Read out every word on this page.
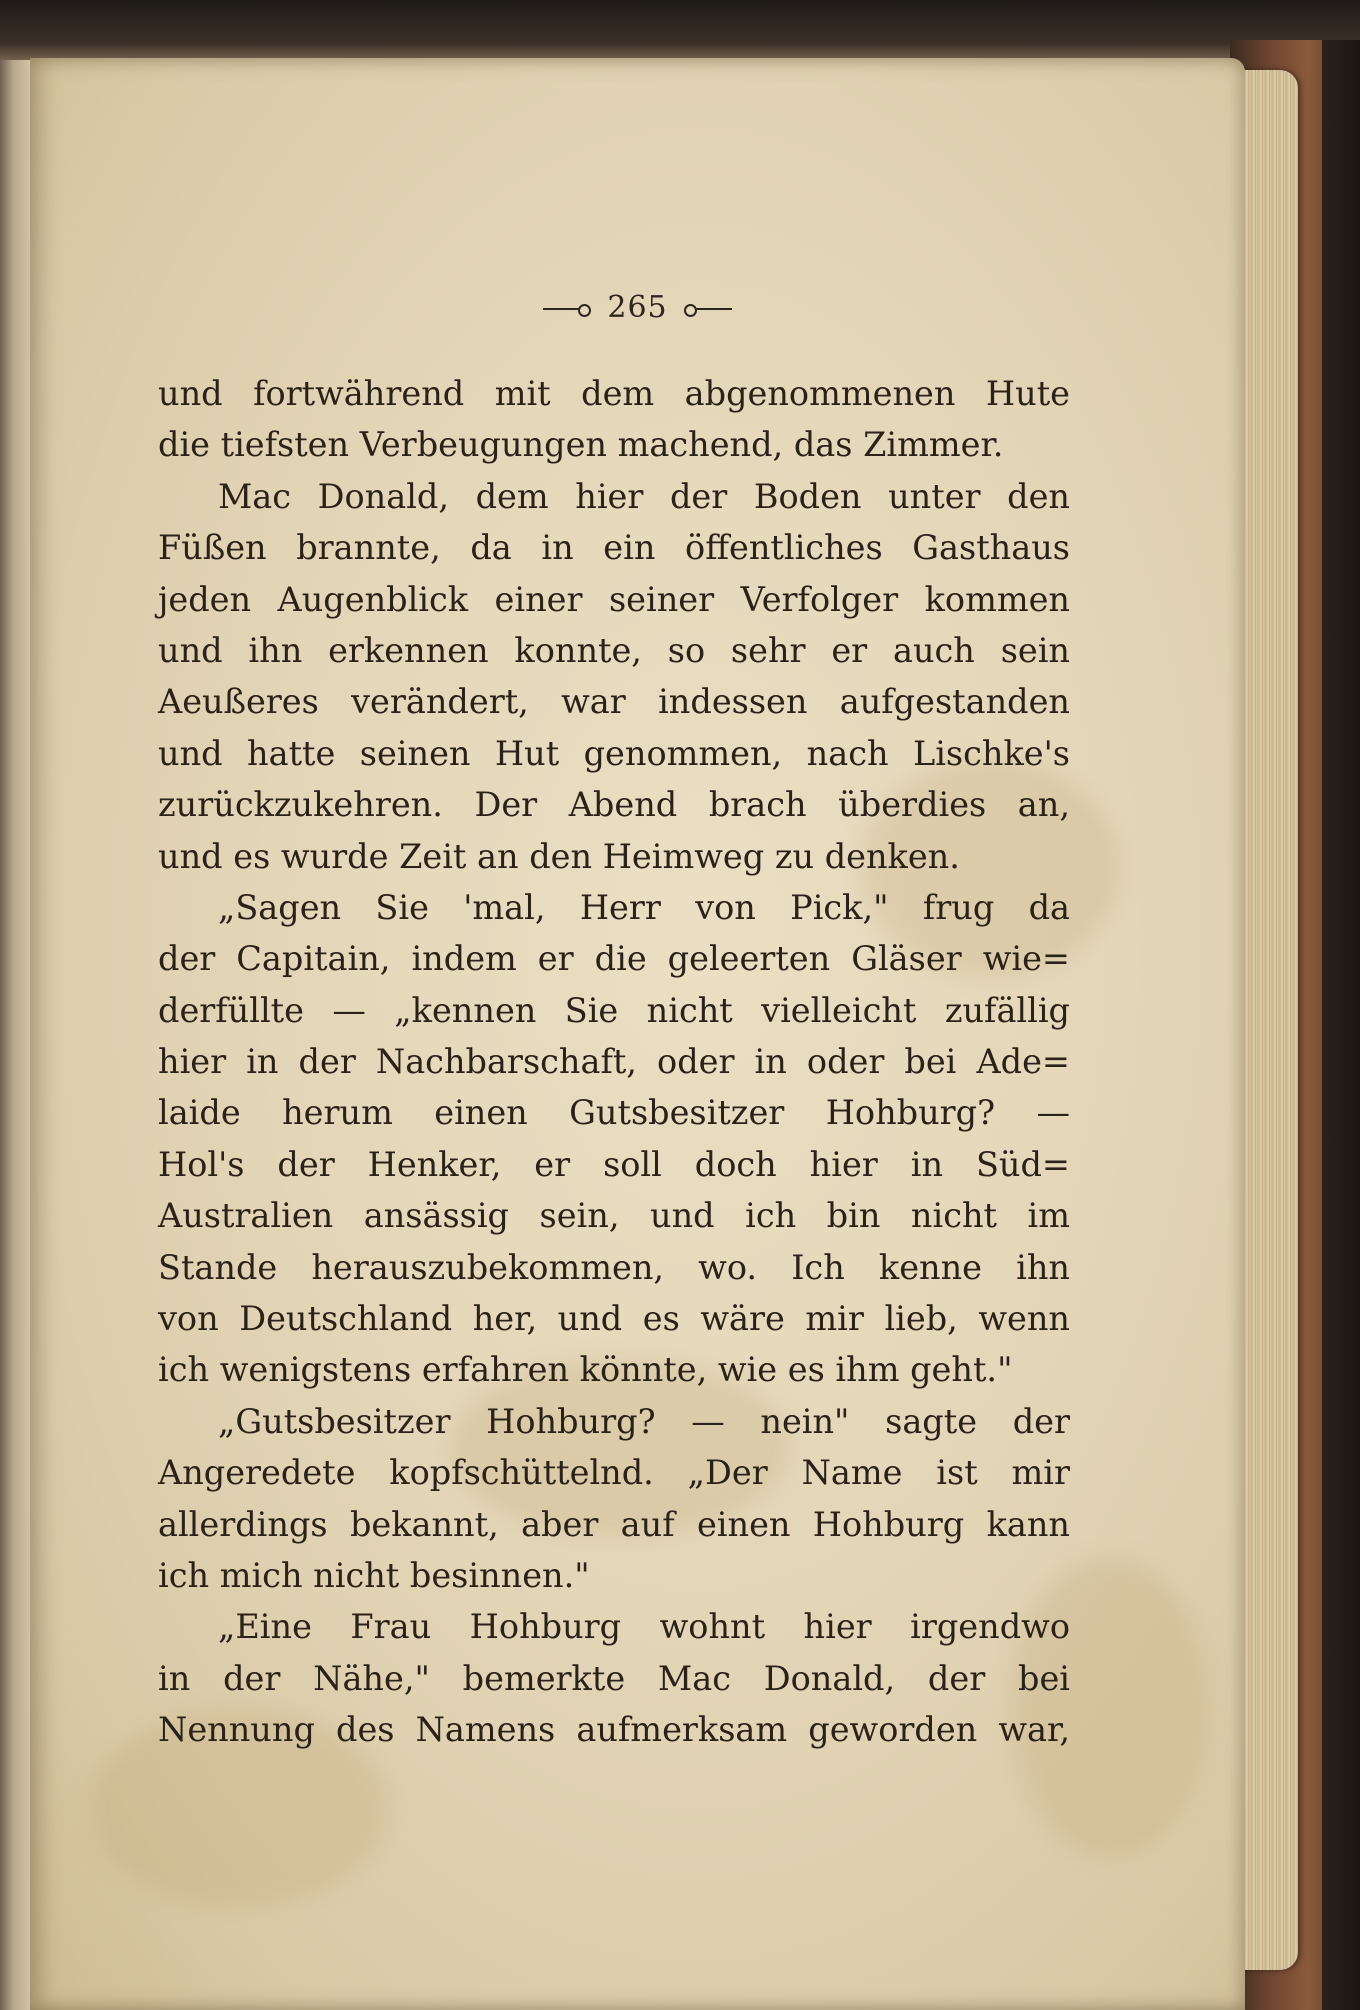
265
und fortwährend mit dem abgenommenen Hute
die tiefsten Verbeugungen machend, das Zimmer.
Mac Donald, dem hier der Boden unter den
Füßen brannte, da in ein öffentliches Gasthaus
jeden Augenblick einer seiner Verfolger kommen
und ihn erkennen konnte, so sehr er auch sein
Aeußeres verändert, war indessen aufgestanden
und hatte seinen Hut genommen, nach Lischke's
zurückzukehren. Der Abend brach überdies an,
und es wurde Zeit an den Heimweg zu denken.
„Sagen Sie 'mal, Herr von Pick," frug da
der Capitain, indem er die geleerten Gläser wie=
derfüllte — „kennen Sie nicht vielleicht zufällig
hier in der Nachbarschaft, oder in oder bei Ade=
laide herum einen Gutsbesitzer Hohburg? —
Hol's der Henker, er soll doch hier in Süd=
Australien ansässig sein, und ich bin nicht im
Stande herauszubekommen, wo. Ich kenne ihn
von Deutschland her, und es wäre mir lieb, wenn
ich wenigstens erfahren könnte, wie es ihm geht."
„Gutsbesitzer Hohburg? — nein" sagte der
Angeredete kopfschüttelnd. „Der Name ist mir
allerdings bekannt, aber auf einen Hohburg kann
ich mich nicht besinnen."
„Eine Frau Hohburg wohnt hier irgendwo
in der Nähe," bemerkte Mac Donald, der bei
Nennung des Namens aufmerksam geworden war,
